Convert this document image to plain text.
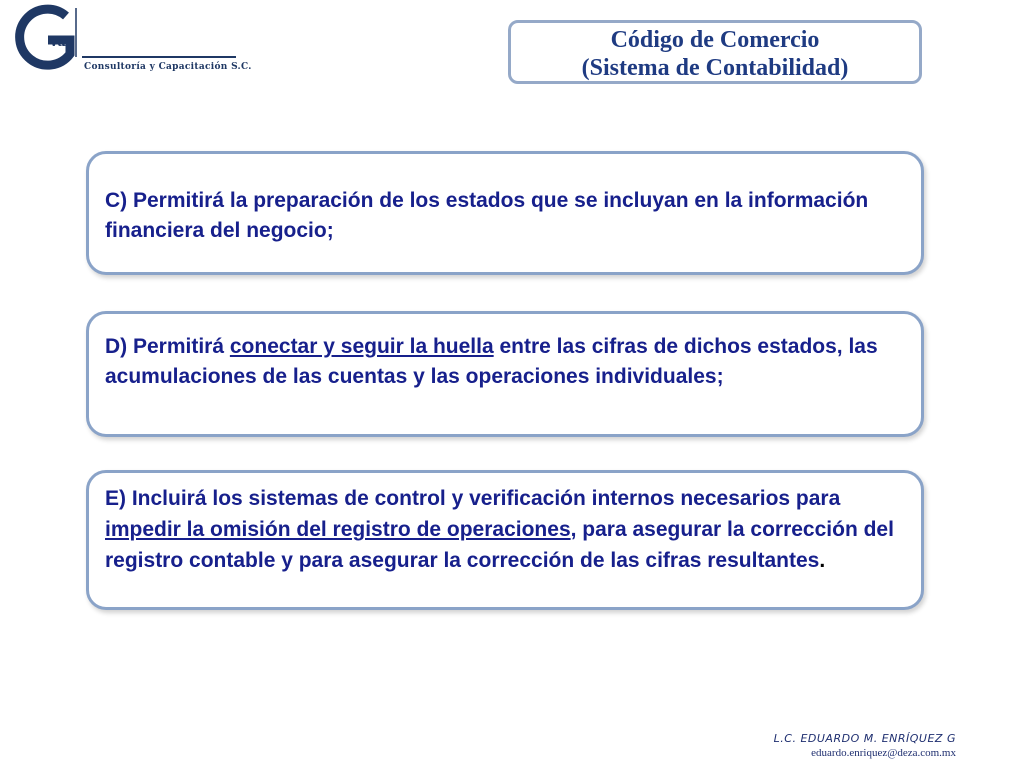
va
Consultoría y Capacitación S.C.
Código de Comercio
(Sistema de Contabilidad)

C) Permitirá la preparación de los estados que se incluyan en la información financiera del negocio;

D) Permitirá conectar y seguir la huella entre las cifras de dichos estados, las acumulaciones de las cuentas y las operaciones individuales;

E) Incluirá los sistemas de control y verificación internos necesarios para impedir la omisión del registro de operaciones, para asegurar la corrección del registro contable y para asegurar la corrección de las cifras resultantes.

L.C. EDUARDO M. ENRÍQUEZ G
eduardo.enriquez@deza.com.mx
